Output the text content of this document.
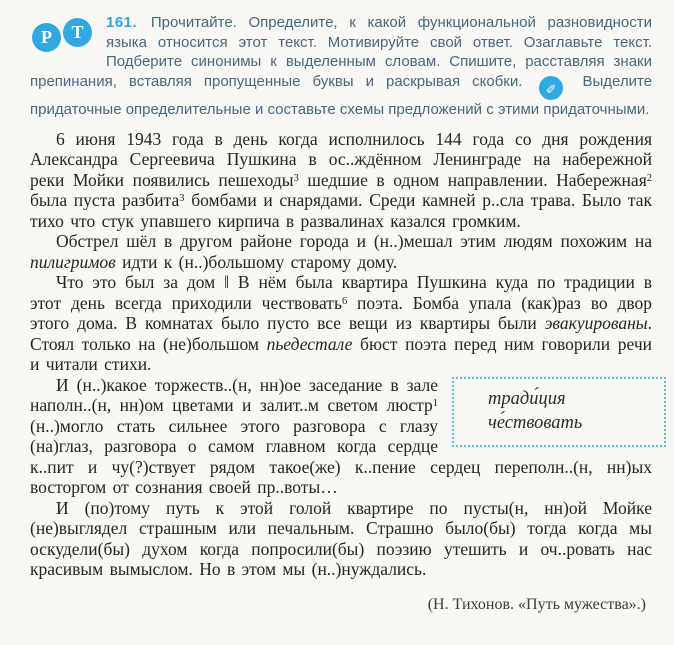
Р	Т	161. Прочитайте. Определите, к какой функциональной разновидности языка относится этот текст. Мотивируйте свой ответ. Озаглавьте текст. Подберите синонимы к выделенным словам. Спишите, расставляя знаки препинания, вставляя пропущенные буквы и раскрывая скобки. ✎ Выделите придаточные определительные и составьте схемы предложений с этими придаточными.
6 июня 1943 года в день когда исполнилось 144 года со дня рождения Александра Сергеевича Пушкина в ос..ждённом Ленинграде на набережной реки Мойки появились пешеходы$^3$ шедшие в одном направлении. Набережная$^2$ была пуста разбита$^3$ бомбами и снарядами. Среди камней р..сла трава. Было так тихо что стук упавшего кирпича в развалинах казался громким.
Обстрел шёл в другом районе города и (н..)мешал этим людям похожим на пилигримов идти к (н..)большому старому дому.
Что это был за дом ‖ В нём была квартира Пушкина куда по традиции в этот день всегда приходили чествовать$^6$ поэта. Бомба упала (как)раз во двор этого дома. В комнатах было пусто все вещи из квартиры были эвакуированы. Стоял только на (не)большом пьедестале бюст поэта перед ним говорили речи и читали стихи.
тради́ция
че́ствовать
И (н..)какое торжеств..(н, нн)ое заседание в зале наполн..(н, нн)ом цветами и залит..м светом люстр$^1$ (н..)могло стать сильнее этого разговора с глазу (на)глаз, разговора о самом главном когда сердце к..пит и чу(?)ствует рядом такое(же) к..пение сердец переполн..(н, нн)ых восторгом от сознания своей пр..воты…
И (по)тому путь к этой голой квартире по пусты(н, нн)ой Мойке (не)выглядел страшным или печальным. Страшно было(бы) тогда когда мы оскудели(бы) духом когда попросили(бы) поэзию утешить и оч..ровать нас красивым вымыслом. Но в этом мы (н..)нуждались.
(Н. Тихонов. «Путь мужества».)
